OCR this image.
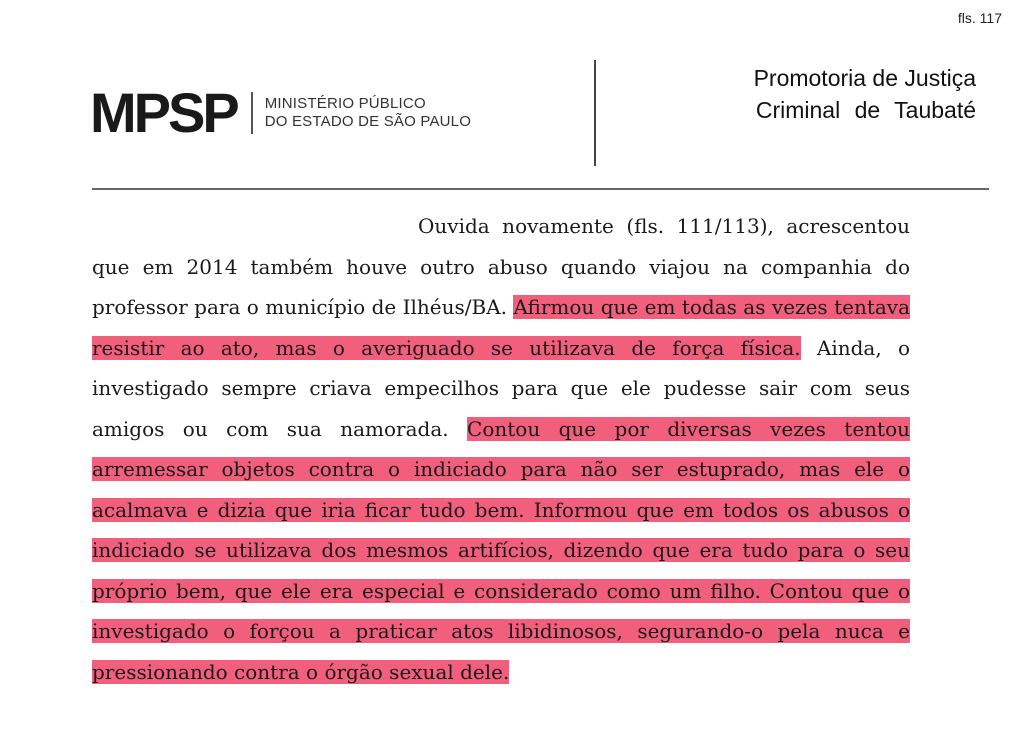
fls. 117
MPSP MINISTÉRIO PÚBLICO
DO ESTADO DE SÃO PAULO
Promotoria de Justiça
Criminal de Taubaté

Ouvida novamente (fls. 111/113), acrescentou que em 2014 também houve outro abuso quando viajou na companhia do professor para o município de Ilhéus/BA. Afirmou que em todas as vezes tentava resistir ao ato, mas o averiguado se utilizava de força física. Ainda, o investigado sempre criava empecilhos para que ele pudesse sair com seus amigos ou com sua namorada. Contou que por diversas vezes tentou arremessar objetos contra o indiciado para não ser estuprado, mas ele o acalmava e dizia que iria ficar tudo bem. Informou que em todos os abusos o indiciado se utilizava dos mesmos artifícios, dizendo que era tudo para o seu próprio bem, que ele era especial e considerado como um filho. Contou que o investigado o forçou a praticar atos libidinosos, segurando-o pela nuca e pressionando contra o órgão sexual dele.
